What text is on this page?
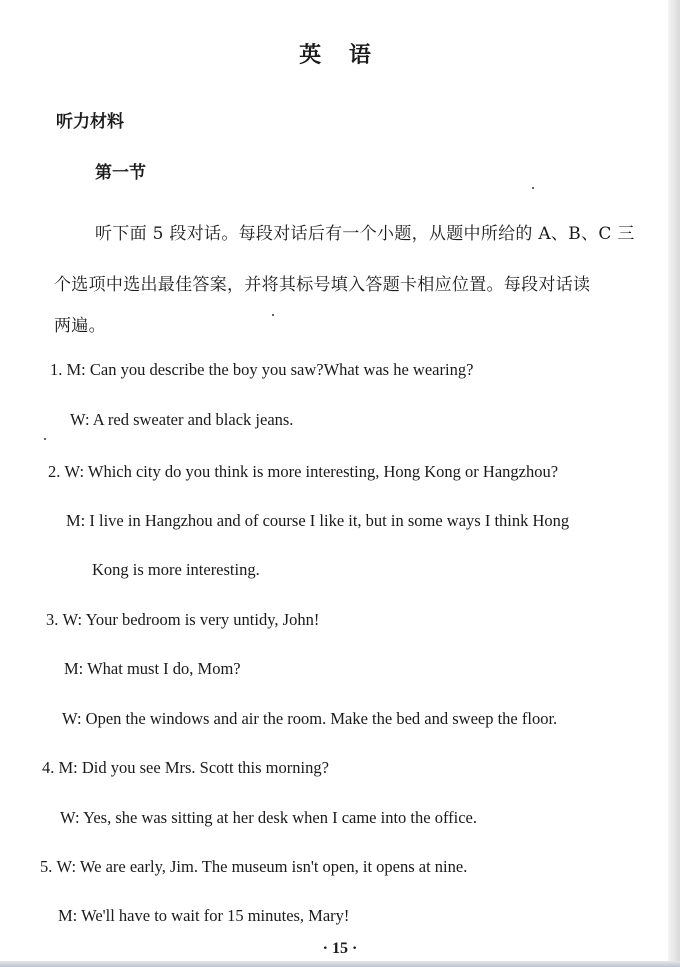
英 语
听力材料
第一节
听下面 5 段对话。每段对话后有一个小题，从题中所给的 A、B、C 三
个选项中选出最佳答案，并将其标号填入答题卡相应位置。每段对话读
两遍。
1. M: Can you describe the boy you saw?What was he wearing?
W: A red sweater and black jeans.
2. W: Which city do you think is more interesting, Hong Kong or Hangzhou?
M: I live in Hangzhou and of course I like it, but in some ways I think Hong
Kong is more interesting.
3. W: Your bedroom is very untidy, John!
M: What must I do, Mom?
W: Open the windows and air the room. Make the bed and sweep the floor.
4. M: Did you see Mrs. Scott this morning?
W: Yes, she was sitting at her desk when I came into the office.
5. W: We are early, Jim. The museum isn't open, it opens at nine.
M: We'll have to wait for 15 minutes, Mary!
· 15 ·
